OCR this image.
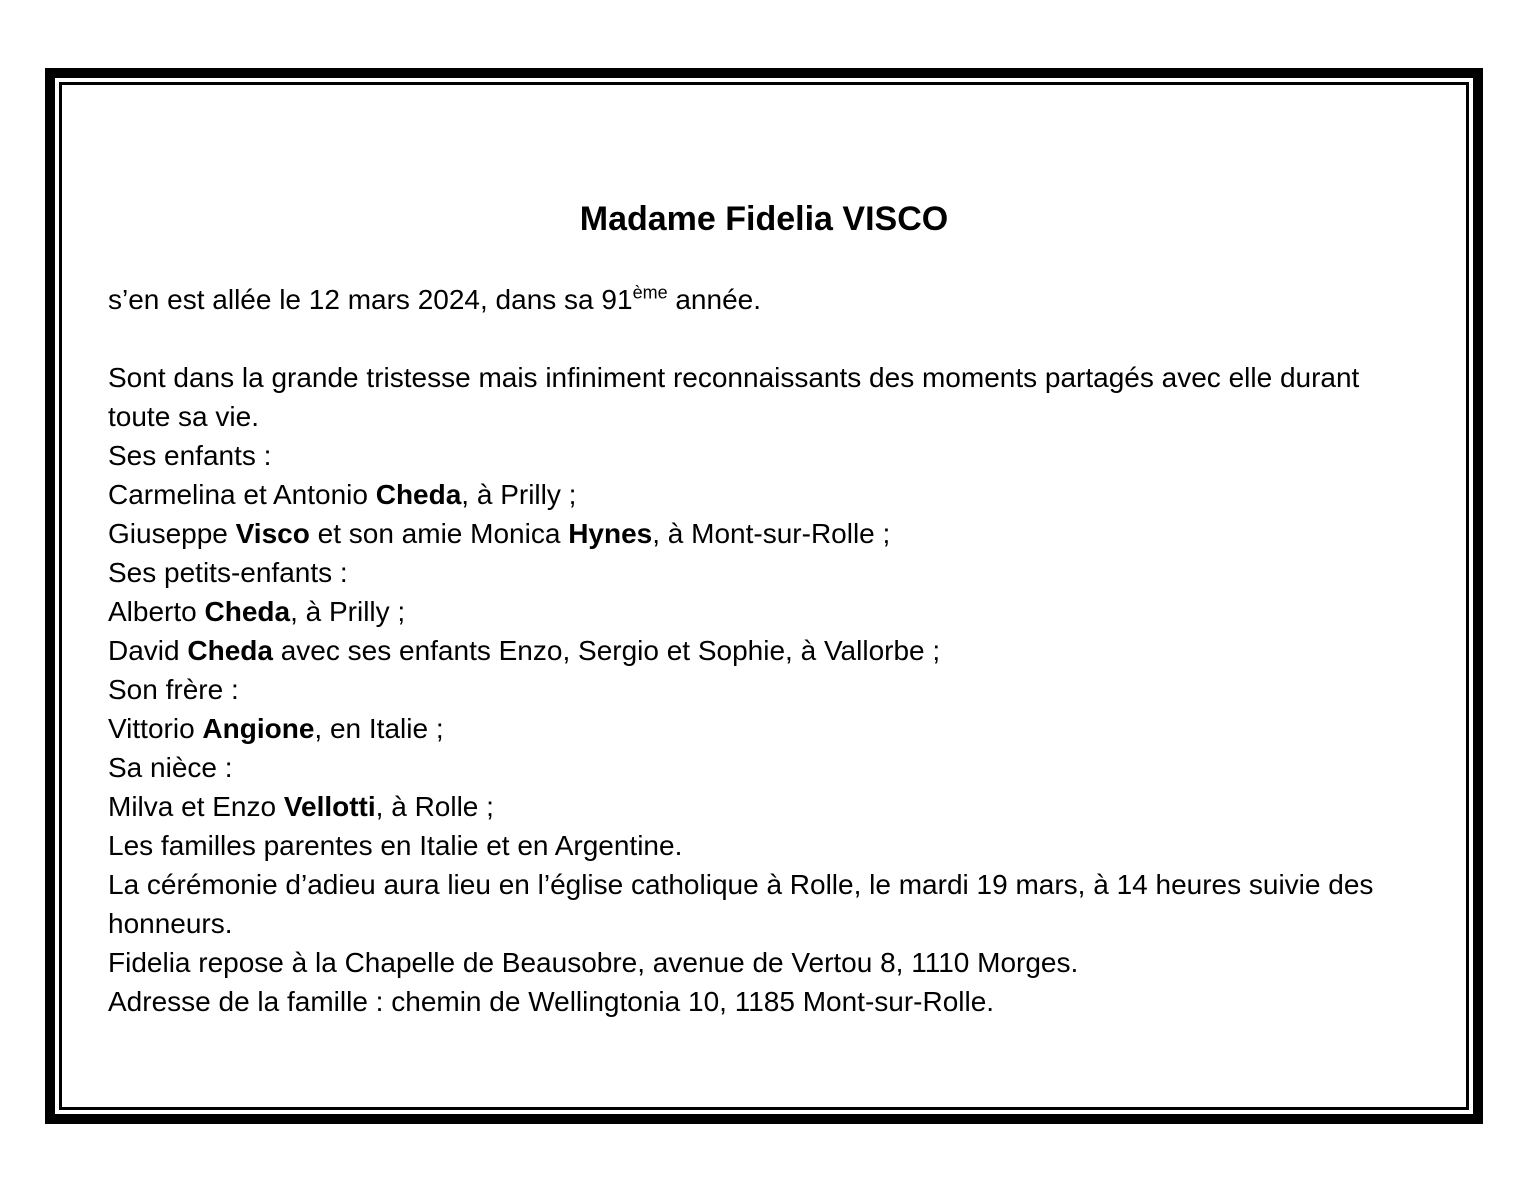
Madame Fidelia VISCO
s’en est allée le 12 mars 2024, dans sa 91ème année.

Sont dans la grande tristesse mais infiniment reconnaissants des moments partagés avec elle durant
toute sa vie.
Ses enfants :
Carmelina et Antonio Cheda, à Prilly ;
Giuseppe Visco et son amie Monica Hynes, à Mont-sur-Rolle ;
Ses petits-enfants :
Alberto Cheda, à Prilly ;
David Cheda avec ses enfants Enzo, Sergio et Sophie, à Vallorbe ;
Son frère :
Vittorio Angione, en Italie ;
Sa nièce :
Milva et Enzo Vellotti, à Rolle ;
Les familles parentes en Italie et en Argentine.
La cérémonie d’adieu aura lieu en l’église catholique à Rolle, le mardi 19 mars, à 14 heures suivie des
honneurs.
Fidelia repose à la Chapelle de Beausobre, avenue de Vertou 8, 1110 Morges.
Adresse de la famille : chemin de Wellingtonia 10, 1185 Mont-sur-Rolle.
